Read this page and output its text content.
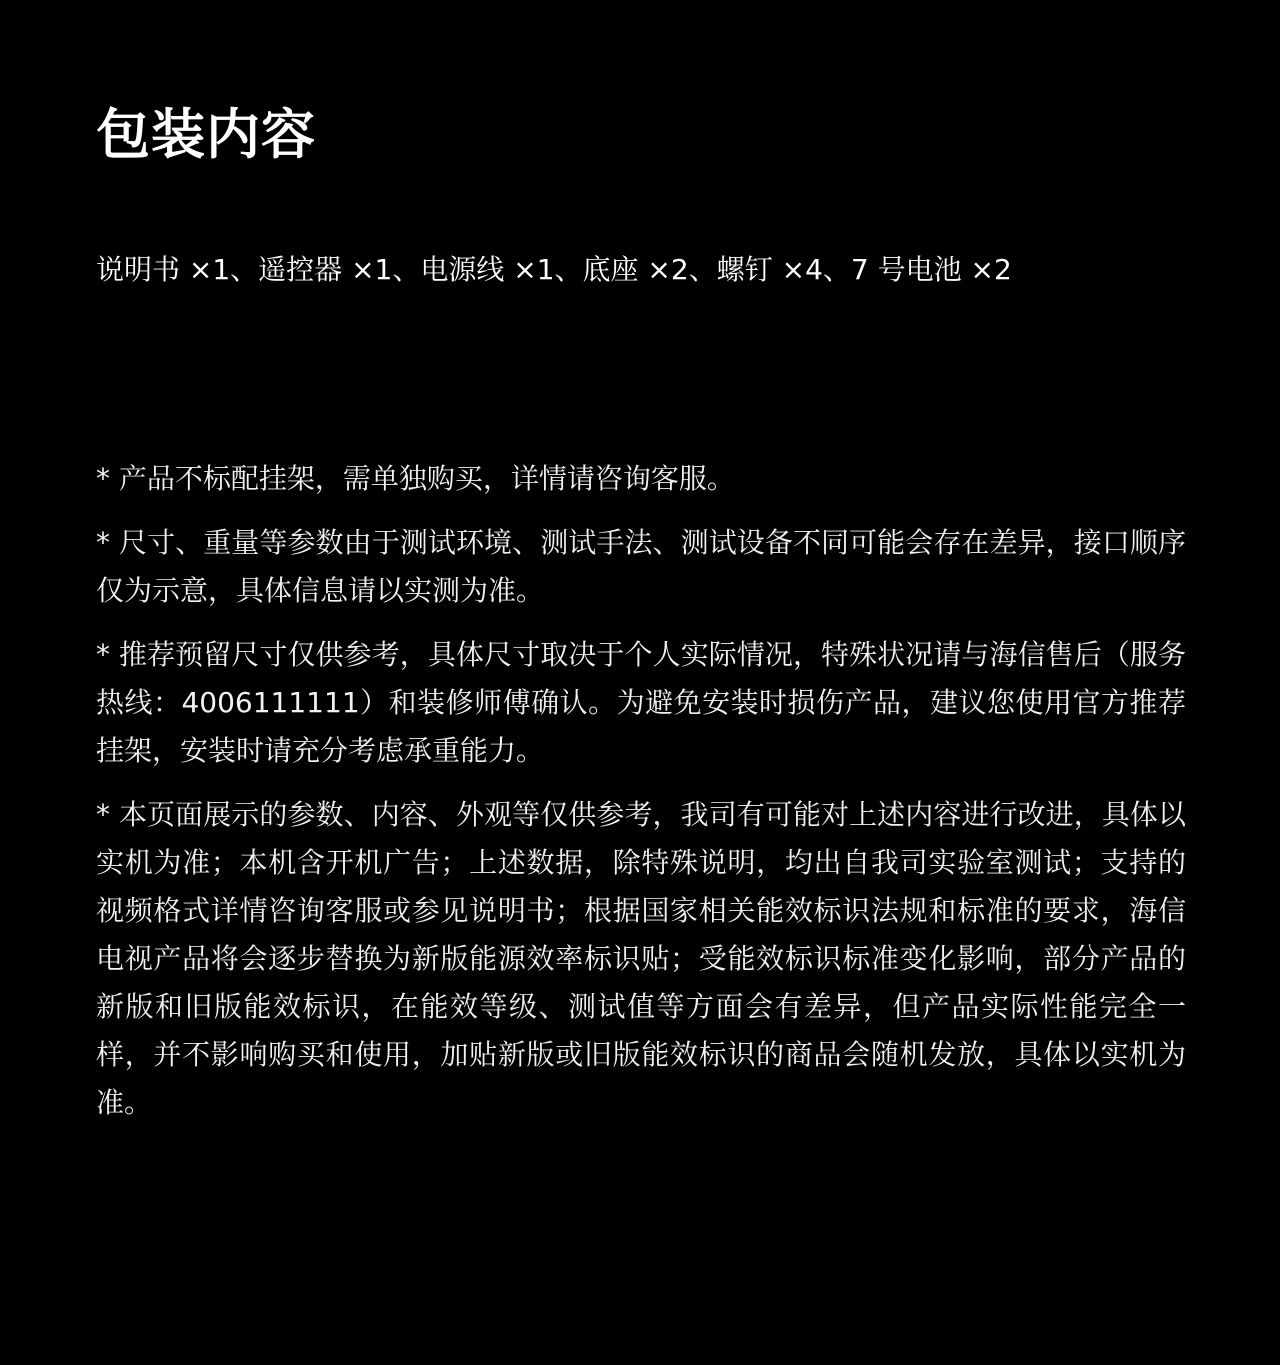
包装内容

说明书 ×1、遥控器 ×1、电源线 ×1、底座 ×2、螺钉 ×4、7 号电池 ×2

* 产品不标配挂架，需单独购买，详情请咨询客服。

* 尺寸、重量等参数由于测试环境、测试手法、测试设备不同可能会存在差异，接口顺序仅为示意，具体信息请以实测为准。

* 推荐预留尺寸仅供参考，具体尺寸取决于个人实际情况，特殊状况请与海信售后（服务热线：4006111111）和装修师傅确认。为避免安装时损伤产品，建议您使用官方推荐挂架，安装时请充分考虑承重能力。

* 本页面展示的参数、内容、外观等仅供参考，我司有可能对上述内容进行改进，具体以实机为准；本机含开机广告；上述数据，除特殊说明，均出自我司实验室测试；支持的视频格式详情咨询客服或参见说明书；根据国家相关能效标识法规和标准的要求，海信电视产品将会逐步替换为新版能源效率标识贴；受能效标识标准变化影响，部分产品的新版和旧版能效标识，在能效等级、测试值等方面会有差异，但产品实际性能完全一样，并不影响购买和使用，加贴新版或旧版能效标识的商品会随机发放，具体以实机为准。
